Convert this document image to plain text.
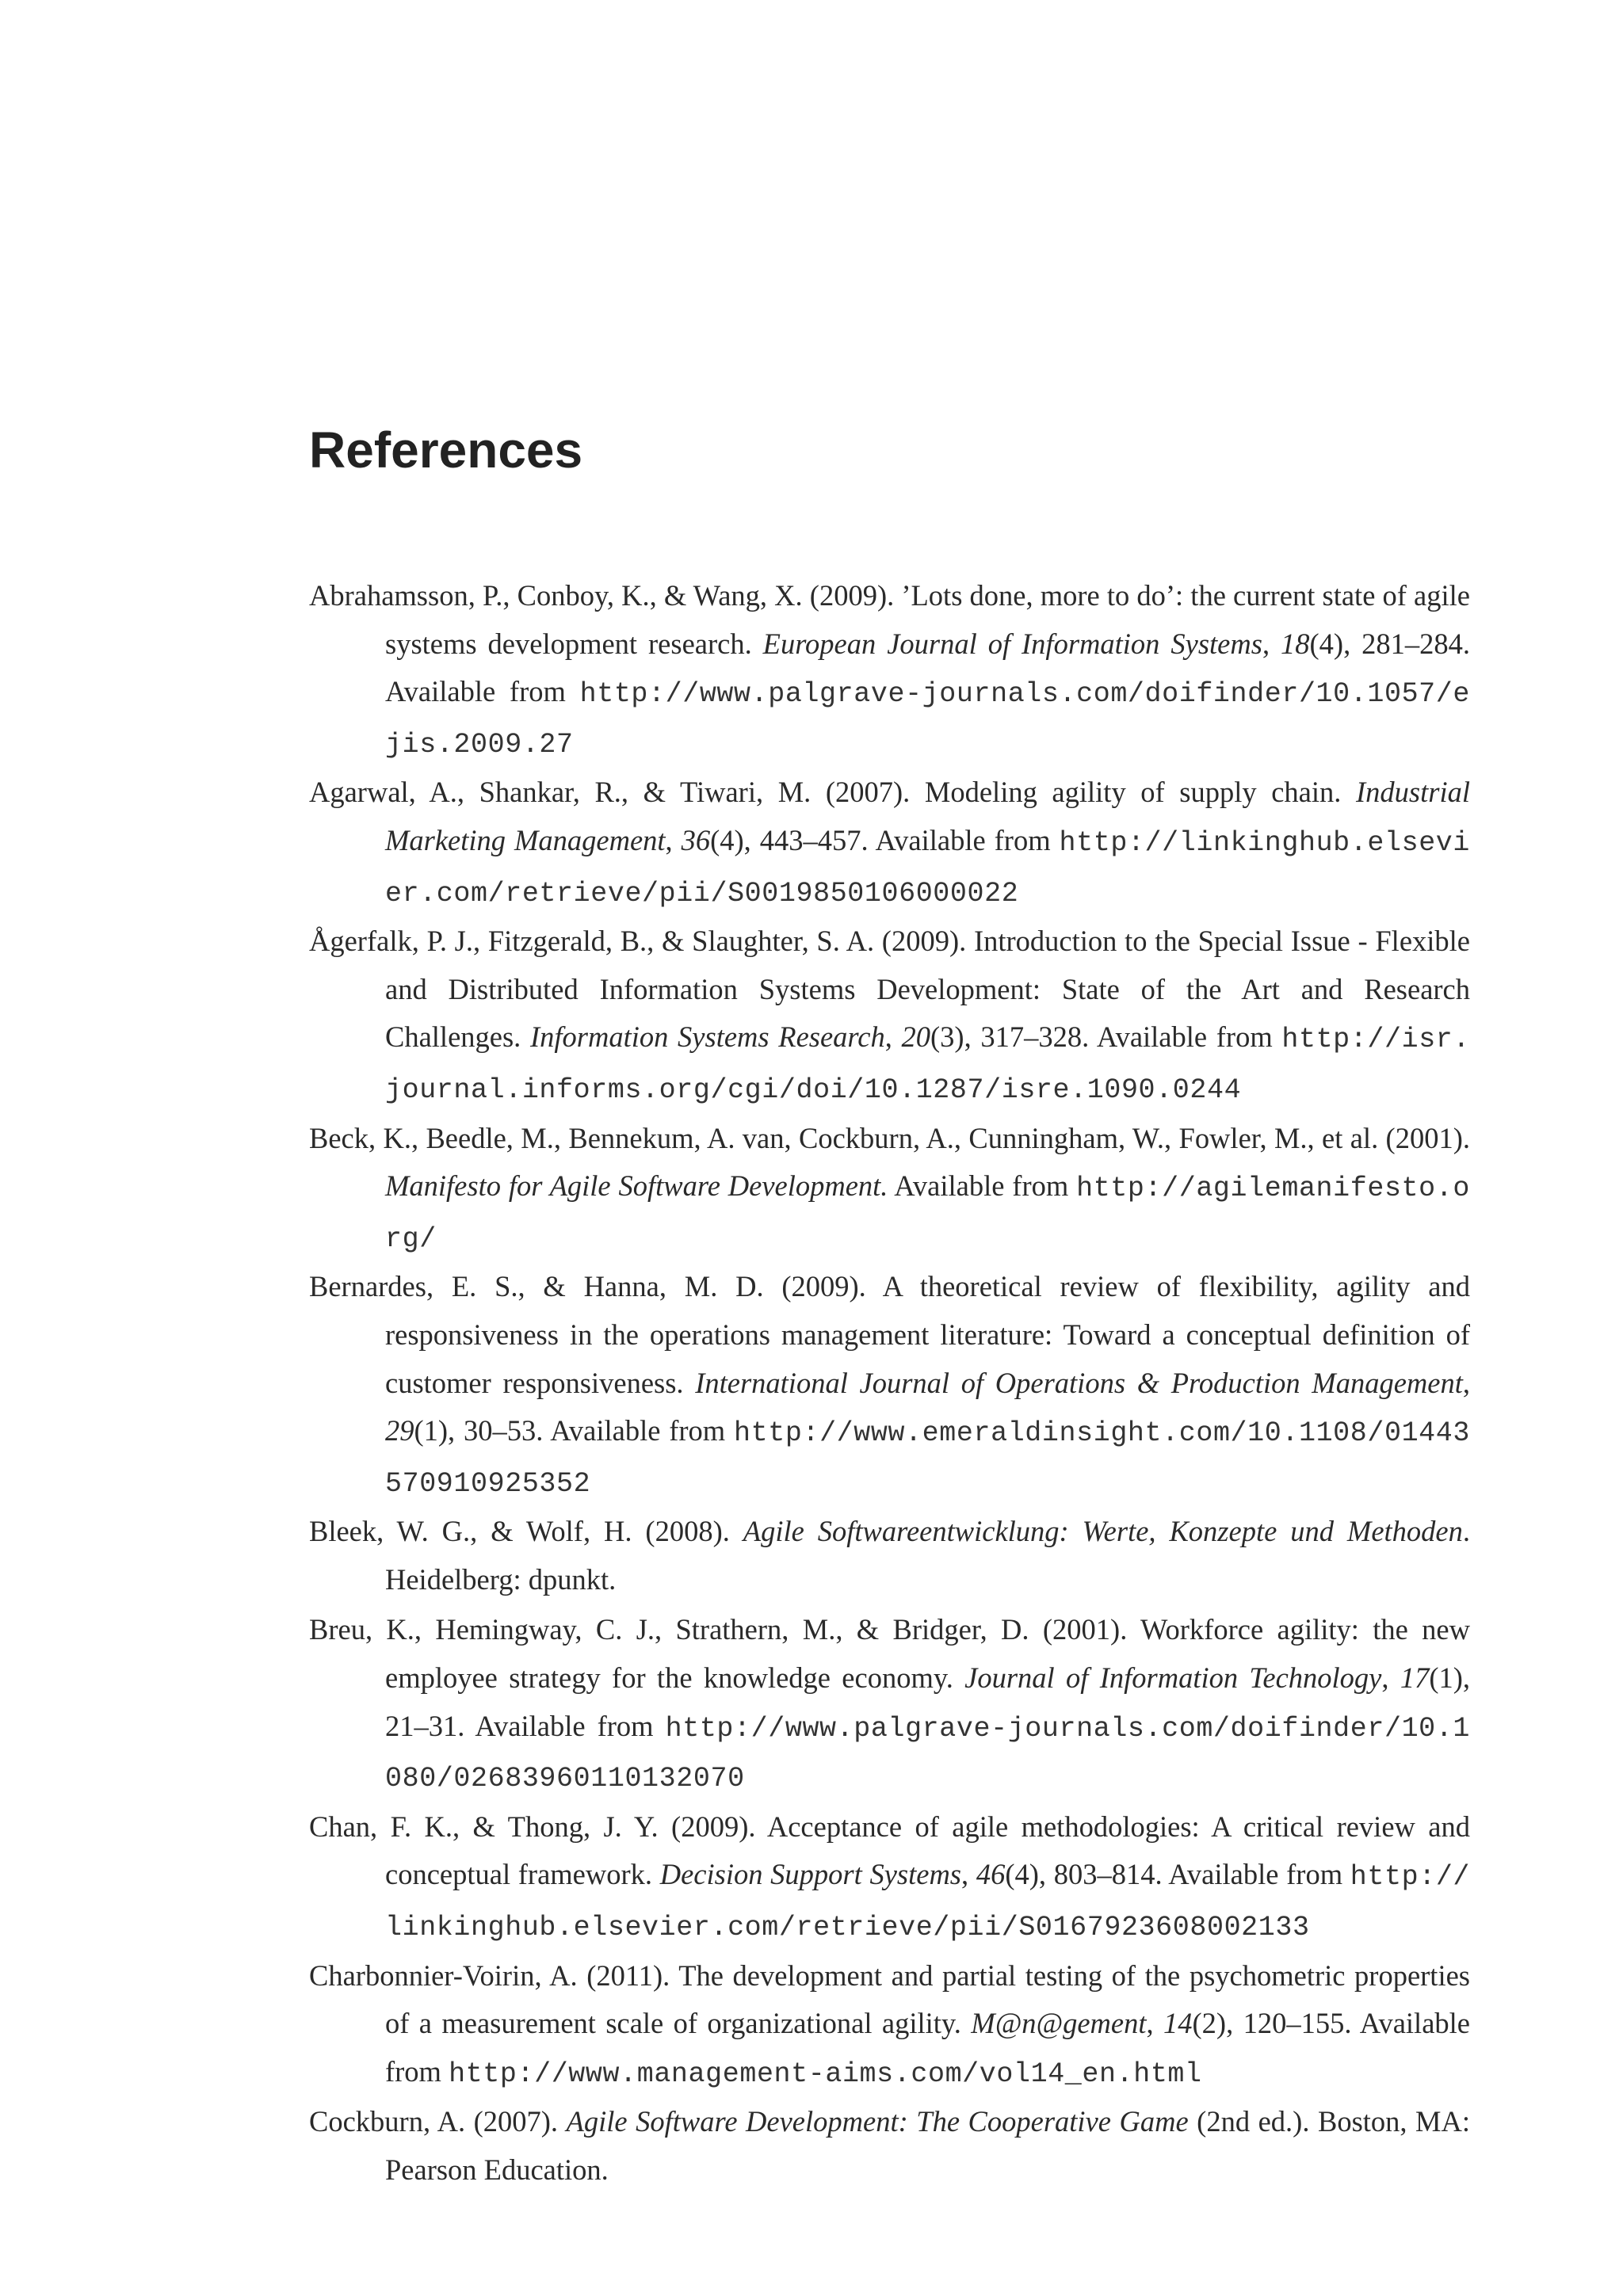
References

Abrahamsson, P., Conboy, K., & Wang, X. (2009). ’Lots done, more to do’: the current state of agile systems development research. European Journal of Information Systems, 18(4), 281–284. Available from http://www.palgrave-journals.com/doifinder/10.1057/ejis.2009.27

Agarwal, A., Shankar, R., & Tiwari, M. (2007). Modeling agility of supply chain. Industrial Marketing Management, 36(4), 443–457. Available from http://linkinghub.elsevier.com/retrieve/pii/S0019850106000022

Ågerfalk, P. J., Fitzgerald, B., & Slaughter, S. A. (2009). Introduction to the Special Issue - Flexible and Distributed Information Systems Development: State of the Art and Research Challenges. Information Systems Research, 20(3), 317–328. Available from http://isr.journal.informs.org/cgi/doi/10.1287/isre.1090.0244

Beck, K., Beedle, M., Bennekum, A. van, Cockburn, A., Cunningham, W., Fowler, M., et al. (2001). Manifesto for Agile Software Development. Available from http://agilemanifesto.org/

Bernardes, E. S., & Hanna, M. D. (2009). A theoretical review of flexibility, agility and responsiveness in the operations management literature: Toward a conceptual definition of customer responsiveness. International Journal of Operations & Production Management, 29(1), 30–53. Available from http://www.emeraldinsight.com/10.1108/01443570910925352

Bleek, W. G., & Wolf, H. (2008). Agile Softwareentwicklung: Werte, Konzepte und Methoden. Heidelberg: dpunkt.

Breu, K., Hemingway, C. J., Strathern, M., & Bridger, D. (2001). Workforce agility: the new employee strategy for the knowledge economy. Journal of Information Technology, 17(1), 21–31. Available from http://www.palgrave-journals.com/doifinder/10.1080/02683960110132070

Chan, F. K., & Thong, J. Y. (2009). Acceptance of agile methodologies: A critical review and conceptual framework. Decision Support Systems, 46(4), 803–814. Available from http://linkinghub.elsevier.com/retrieve/pii/S0167923608002133

Charbonnier-Voirin, A. (2011). The development and partial testing of the psychometric properties of a measurement scale of organizational agility. M@n@gement, 14(2), 120–155. Available from http://www.management-aims.com/vol14_en.html

Cockburn, A. (2007). Agile Software Development: The Cooperative Game (2nd ed.). Boston, MA: Pearson Education.
